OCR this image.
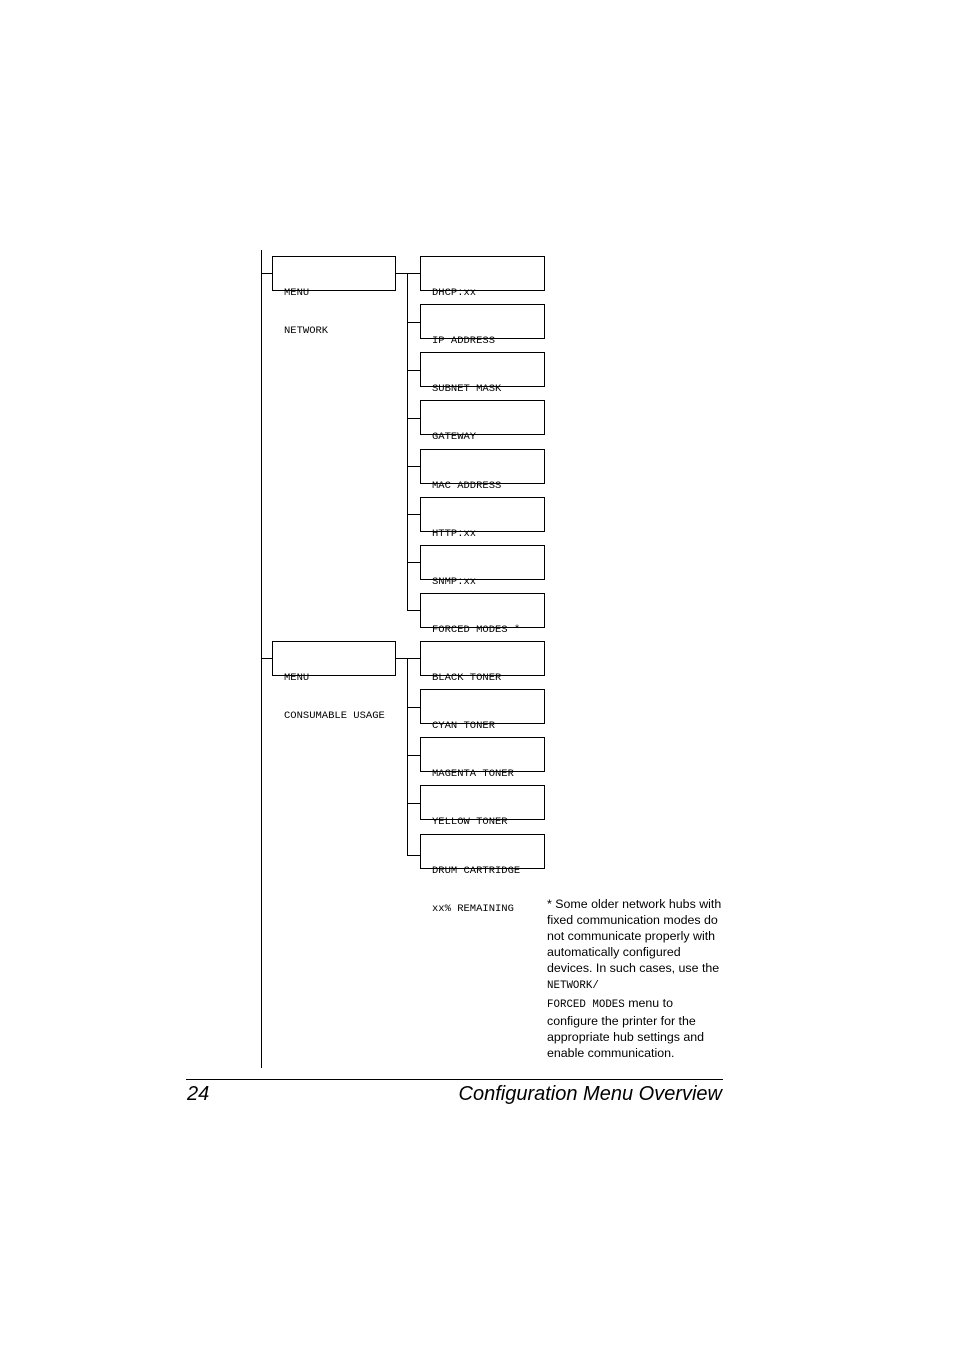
MENU

NETWORK

DHCP:xx

IP ADDRESS

SUBNET MASK

GATEWAY

MAC ADDRESS

HTTP:xx

SNMP:xx

FORCED MODES *

MENU

CONSUMABLE USAGE

BLACK TONER

CYAN TONER

MAGENTA TONER

YELLOW TONER

DRUM CARTRIDGE

xx% REMAINING	* Some older network hubs with fixed communication modes do not communicate properly with automatically configured devices. In such cases, use the NETWORK/
FORCED MODES menu to configure the printer for the appropriate hub settings and enable communication.
24	Configuration Menu Overview
